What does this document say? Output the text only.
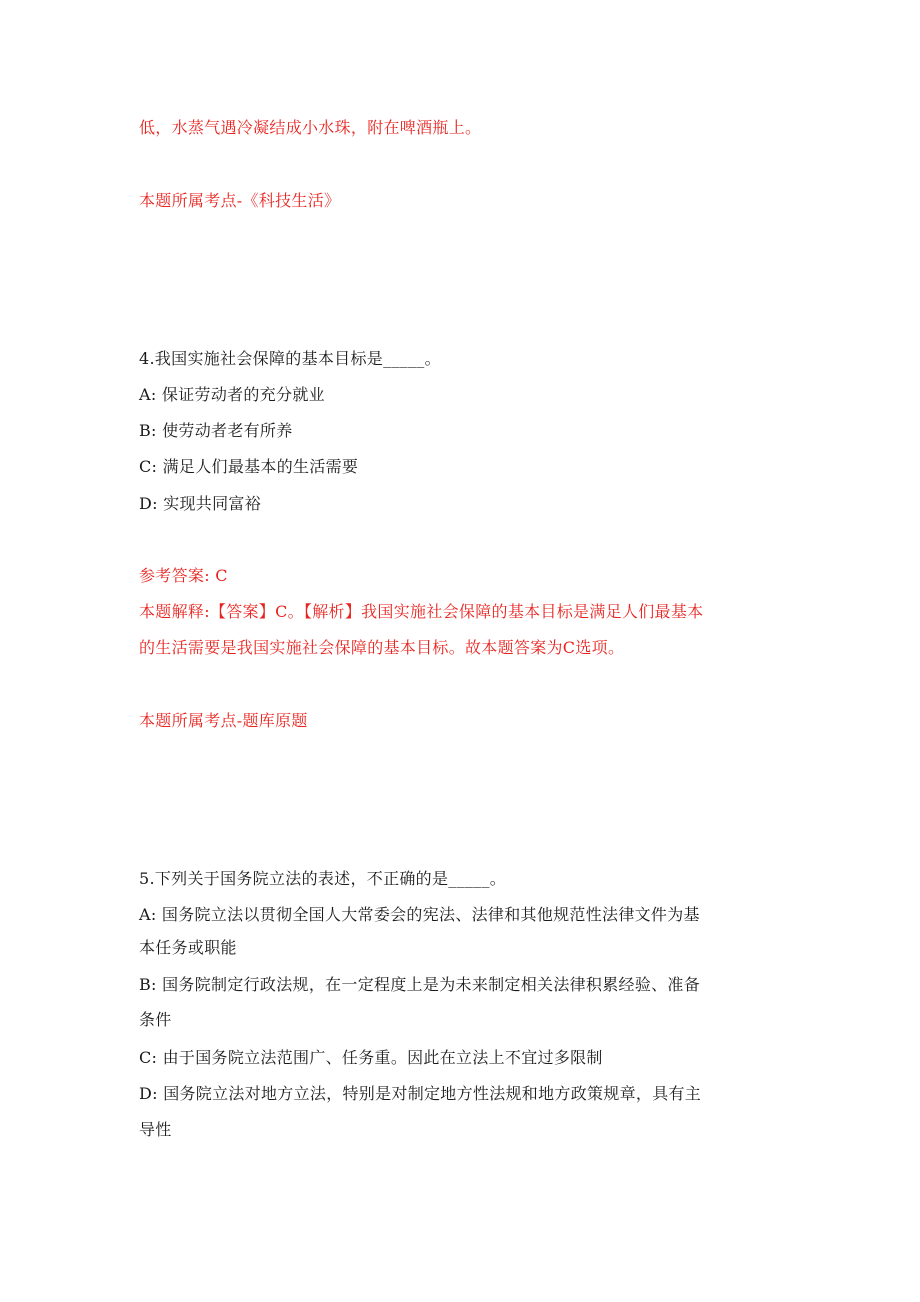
低，水蒸气遇冷凝结成小水珠，附在啤酒瓶上。
本题所属考点-《科技生活》
4.我国实施社会保障的基本目标是_____。
A: 保证劳动者的充分就业
B: 使劳动者老有所养
C: 满足人们最基本的生活需要
D: 实现共同富裕
参考答案: C
本题解释:【答案】C。【解析】我国实施社会保障的基本目标是满足人们最基本
的生活需要是我国实施社会保障的基本目标。故本题答案为C选项。
本题所属考点-题库原题
5.下列关于国务院立法的表述，不正确的是_____。
A: 国务院立法以贯彻全国人大常委会的宪法、法律和其他规范性法律文件为基
本任务或职能
B: 国务院制定行政法规，在一定程度上是为未来制定相关法律积累经验、准备
条件
C: 由于国务院立法范围广、任务重。因此在立法上不宜过多限制
D: 国务院立法对地方立法，特别是对制定地方性法规和地方政策规章，具有主
导性
